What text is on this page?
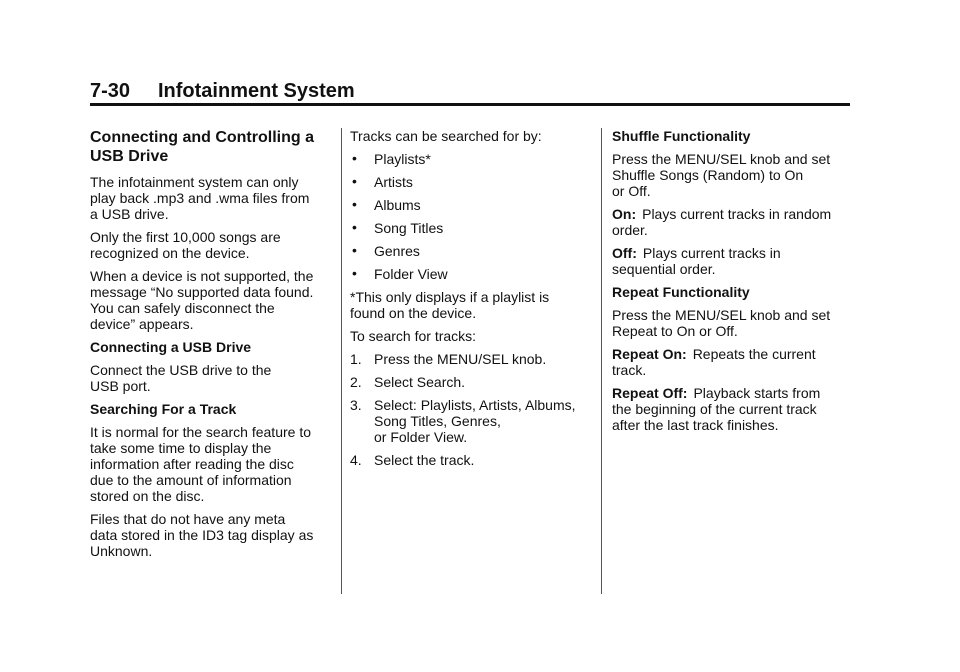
7-30 Infotainment System
Connecting and Controlling a
USB Drive

The infotainment system can only
play back .mp3 and .wma files from
a USB drive.

Only the first 10,000 songs are
recognized on the device.

When a device is not supported, the
message “No supported data found.
You can safely disconnect the
device” appears.

Connecting a USB Drive

Connect the USB drive to the
USB port.

Searching For a Track

It is normal for the search feature to
take some time to display the
information after reading the disc
due to the amount of information
stored on the disc.

Files that do not have any meta
data stored in the ID3 tag display as
Unknown.

Tracks can be searched for by:

• Playlists*
• Artists
• Albums
• Song Titles
• Genres
• Folder View

*This only displays if a playlist is
found on the device.

To search for tracks:

1. Press the MENU/SEL knob.
2. Select Search.
3. Select: Playlists, Artists, Albums,
Song Titles, Genres,
or Folder View.
4. Select the track.

Shuffle Functionality

Press the MENU/SEL knob and set
Shuffle Songs (Random) to On
or Off.

On: Plays current tracks in random
order.

Off: Plays current tracks in
sequential order.

Repeat Functionality

Press the MENU/SEL knob and set
Repeat to On or Off.

Repeat On: Repeats the current
track.

Repeat Off: Playback starts from
the beginning of the current track
after the last track finishes.
